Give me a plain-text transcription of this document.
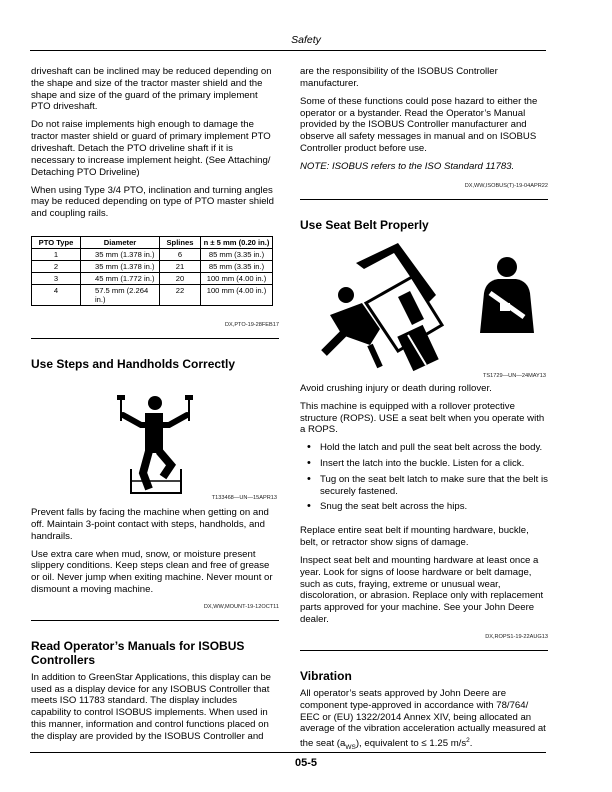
Safety

driveshaft can be inclined may be reduced depending on the shape and size of the tractor master shield and the shape and size of the guard of the primary implement PTO driveshaft.

Do not raise implements high enough to damage the tractor master shield or guard of primary implement PTO driveshaft. Detach the PTO driveline shaft if it is necessary to increase implement height. (See Attaching/ Detaching PTO Driveline)

When using Type 3/4 PTO, inclination and turning angles may be reduced depending on type of PTO master shield and coupling rails.

PTO Type	Diameter	Splines	n ± 5 mm (0.20 in.)
1	35 mm (1.378 in.)	6	85 mm (3.35 in.)
2	35 mm (1.378 in.)	21	85 mm (3.35 in.)
3	45 mm (1.772 in.)	20	100 mm (4.00 in.)
4	57.5 mm (2.264 in.)	22	100 mm (4.00 in.)

DX,PTO-19-28FEB17

Use Steps and Handholds Correctly
T133468—UN—15APR13

Prevent falls by facing the machine when getting on and off. Maintain 3-point contact with steps, handholds, and handrails.

Use extra care when mud, snow, or moisture present slippery conditions. Keep steps clean and free of grease or oil. Never jump when exiting machine. Never mount or dismount a moving machine.

DX,WW,MOUNT-19-12OCT11

Read Operator’s Manuals for ISOBUS Controllers

In addition to GreenStar Applications, this display can be used as a display device for any ISOBUS Controller that meets ISO 11783 standard. The display includes capability to control ISOBUS implements. When used in this manner, information and control functions placed on the display are provided by the ISOBUS Controller and

are the responsibility of the ISOBUS Controller manufacturer.

Some of these functions could pose hazard to either the operator or a bystander. Read the Operator’s Manual provided by the ISOBUS Controller manufacturer and observe all safety messages in manual and on ISOBUS Controller product before use.

NOTE: ISOBUS refers to the ISO Standard 11783.

DX,WW,ISOBUS(T)-19-04APR22

Use Seat Belt Properly
TS1729—UN—24MAY13

Avoid crushing injury or death during rollover.

This machine is equipped with a rollover protective structure (ROPS). USE a seat belt when you operate with a ROPS.

• Hold the latch and pull the seat belt across the body.
• Insert the latch into the buckle. Listen for a click.
• Tug on the seat belt latch to make sure that the belt is securely fastened.
• Snug the seat belt across the hips.

Replace entire seat belt if mounting hardware, buckle, belt, or retractor show signs of damage.

Inspect seat belt and mounting hardware at least once a year. Look for signs of loose hardware or belt damage, such as cuts, fraying, extreme or unusual wear, discoloration, or abrasion. Replace only with replacement parts approved for your machine. See your John Deere dealer.

DX,ROPS1-19-22AUG13

Vibration

All operator’s seats approved by John Deere are component type-approved in accordance with 78/764/ EEC or (EU) 1322/2014 Annex XIV, being allocated an average of the vibration acceleration actually measured at the seat $(a_{WS})$, equivalent to ≤ 1.25 $m/s^2$.

05-5
